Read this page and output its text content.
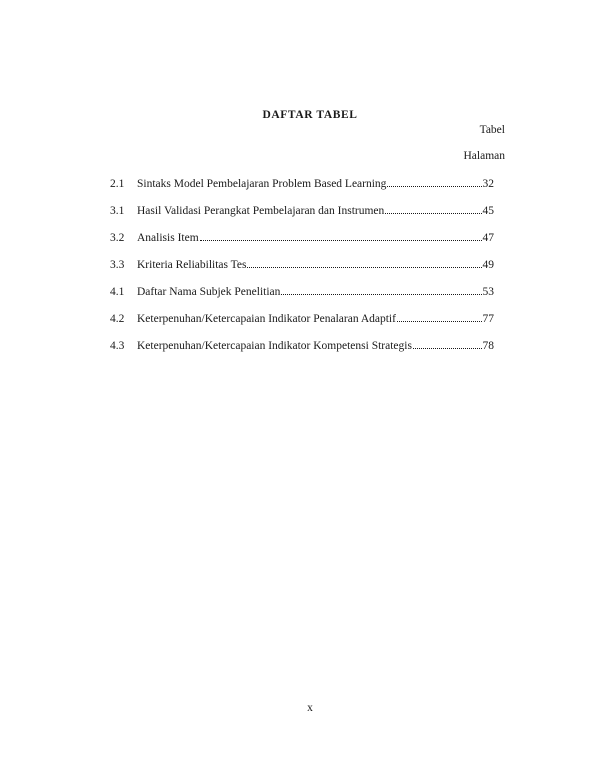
DAFTAR TABEL
Tabel
Halaman
2.1	Sintaks Model Pembelajaran Problem Based Learning	32
3.1	Hasil Validasi Perangkat Pembelajaran dan Instrumen	45
3.2	Analisis Item	47
3.3	Kriteria Reliabilitas Tes	49
4.1	Daftar Nama Subjek Penelitian	53
4.2	Keterpenuhan/Ketercapaian Indikator Penalaran Adaptif	77
4.3	Keterpenuhan/Ketercapaian Indikator Kompetensi Strategis	78
x
